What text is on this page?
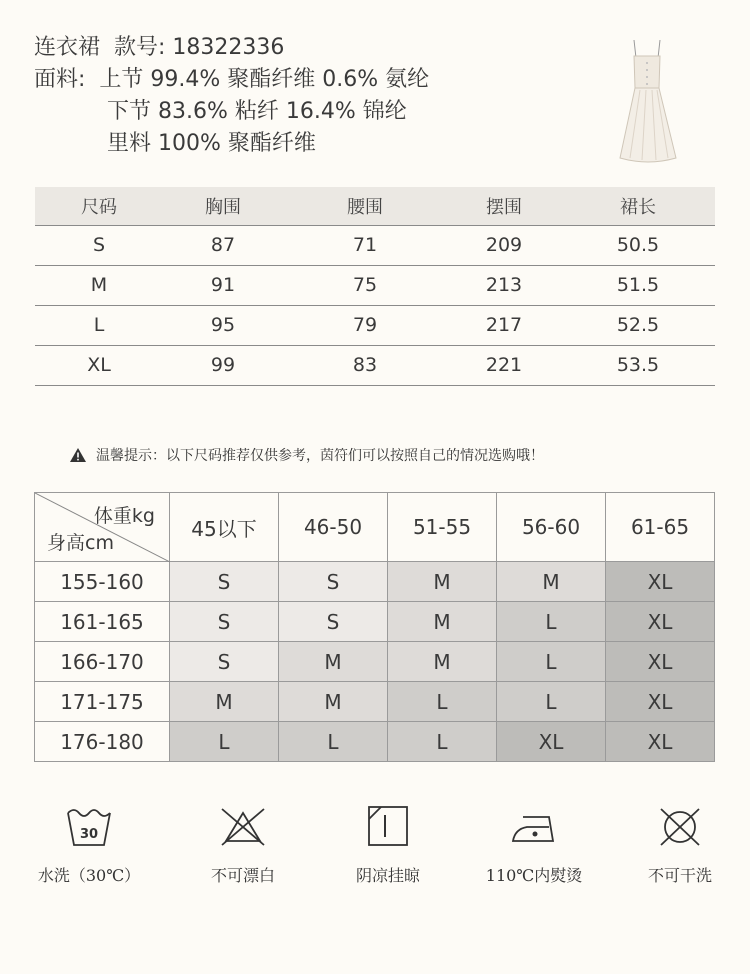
连衣裙 款号: 18322336
面料: 上节 99.4% 聚酯纤维 0.6% 氨纶
下节 83.6% 粘纤 16.4% 锦纶
里料 100% 聚酯纤维
尺码	胸围	腰围	摆围	裙长
S	87	71	209	50.5
M	91	75	213	51.5
L	95	79	217	52.5
XL	99	83	221	53.5
温馨提示：以下尺码推荐仅供参考，茵符们可以按照自己的情况选购哦！
体重kg
身高cm	45以下	46-50	51-55	56-60	61-65
155-160	S	S	M	M	XL
161-165	S	S	M	L	XL
166-170	S	M	M	L	XL
171-175	M	M	L	L	XL
176-180	L	L	L	XL	XL
30
水洗（30℃）	不可漂白	阴凉挂晾	110℃内熨烫	不可干洗
